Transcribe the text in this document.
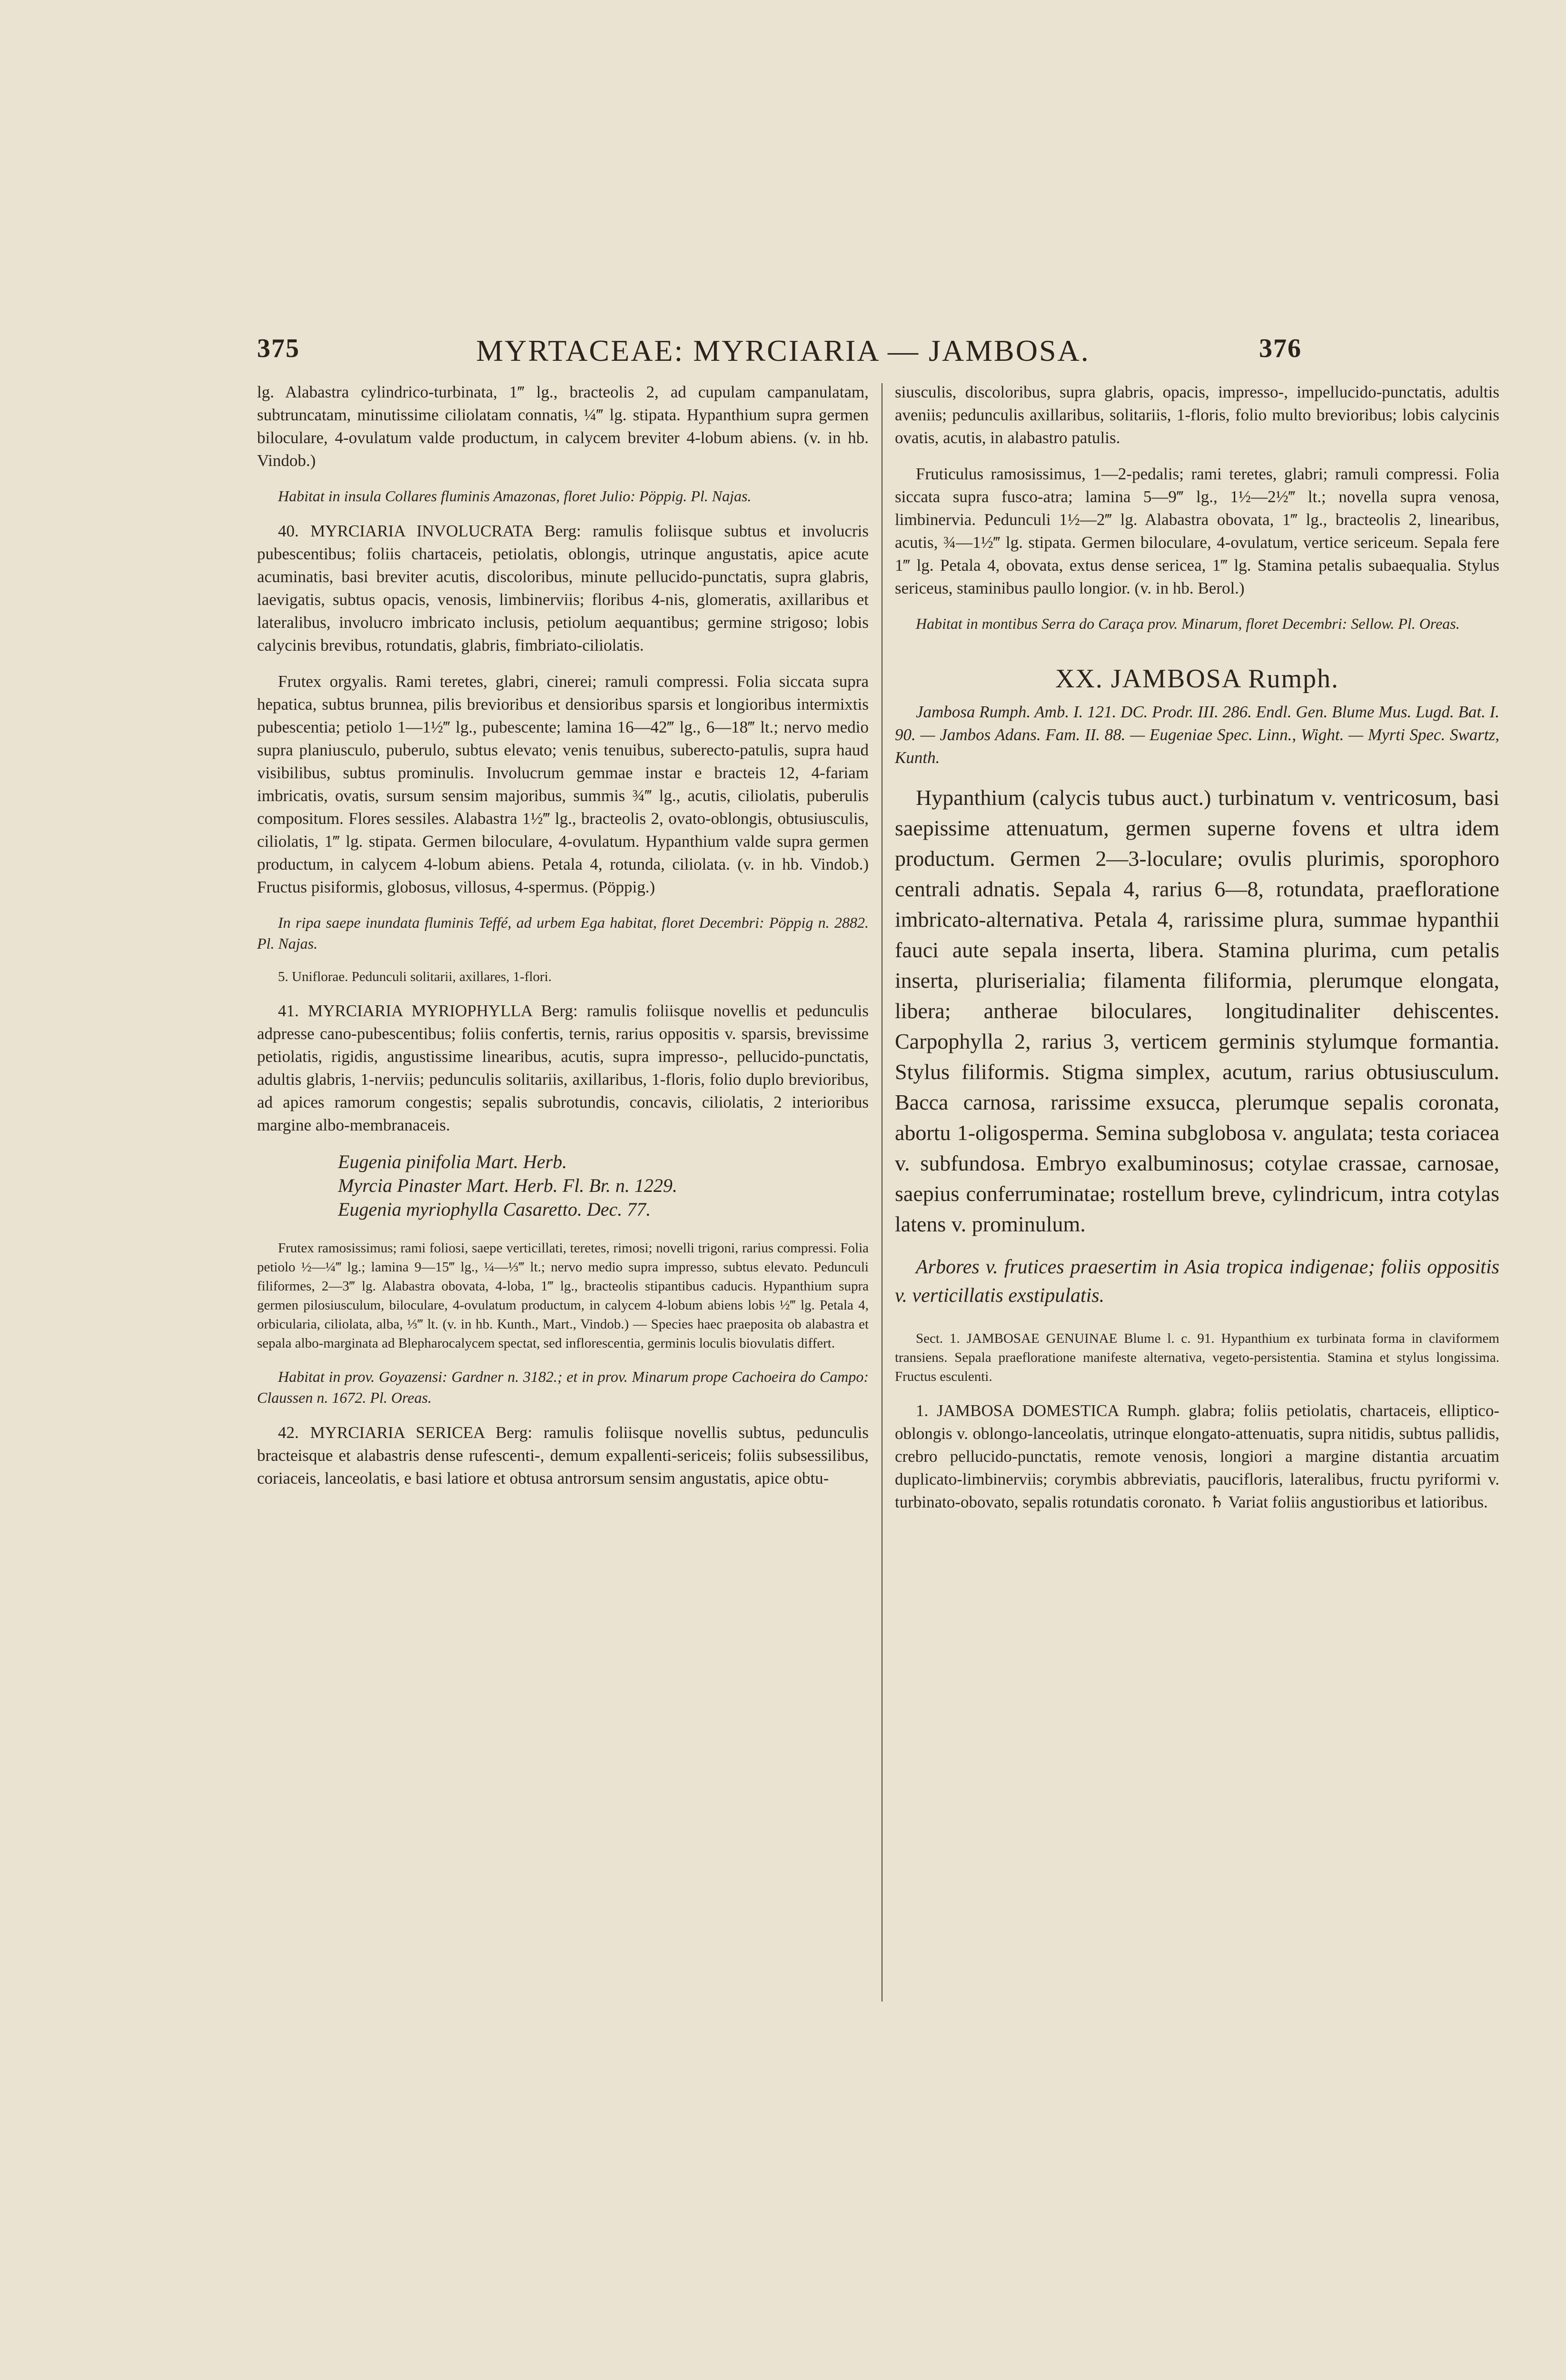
375	MYRTACEAE: MYRCIARIA — JAMBOSA.	376

lg. Alabastra cylindrico-turbinata, 1‴ lg., bracteolis 2, ad cupulam campanulatam, subtruncatam, minutissime ciliolatam connatis, ¼‴ lg. stipata. Hypanthium supra germen biloculare, 4-ovulatum valde productum, in calycem breviter 4-lobum abiens. (v. in hb. Vindob.)

Habitat in insula Collares fluminis Amazonas, floret Julio: Pöppig. Pl. Najas.

40. MYRCIARIA INVOLUCRATA Berg: ramulis foliisque subtus et involucris pubescentibus; foliis chartaceis, petiolatis, oblongis, utrinque angustatis, apice acute acuminatis, basi breviter acutis, discoloribus, minute pellucido-punctatis, supra glabris, laevigatis, subtus opacis, venosis, limbinerviis; floribus 4-nis, glomeratis, axillaribus et lateralibus, involucro imbricato inclusis, petiolum aequantibus; germine strigoso; lobis calycinis brevibus, rotundatis, glabris, fimbriato-ciliolatis.

Frutex orgyalis. Rami teretes, glabri, cinerei; ramuli compressi. Folia siccata supra hepatica, subtus brunnea, pilis brevioribus et densioribus sparsis et longioribus intermixtis pubescentia; petiolo 1—1½‴ lg., pubescente; lamina 16—42‴ lg., 6—18‴ lt.; nervo medio supra planiusculo, puberulo, subtus elevato; venis tenuibus, suberecto-patulis, supra haud visibilibus, subtus prominulis. Involucrum gemmae instar e bracteis 12, 4-fariam imbricatis, ovatis, sursum sensim majoribus, summis ¾‴ lg., acutis, ciliolatis, puberulis compositum. Flores sessiles. Alabastra 1½‴ lg., bracteolis 2, ovato-oblongis, obtusiusculis, ciliolatis, 1‴ lg. stipata. Germen biloculare, 4-ovulatum. Hypanthium valde supra germen productum, in calycem 4-lobum abiens. Petala 4, rotunda, ciliolata. (v. in hb. Vindob.) Fructus pisiformis, globosus, villosus, 4-spermus. (Pöppig.)

In ripa saepe inundata fluminis Teffé, ad urbem Ega habitat, floret Decembri: Pöppig n. 2882. Pl. Najas.

5. Uniflorae. Pedunculi solitarii, axillares, 1-flori.

41. MYRCIARIA MYRIOPHYLLA Berg: ramulis foliisque novellis et pedunculis adpresse cano-pubescentibus; foliis confertis, ternis, rarius oppositis v. sparsis, brevissime petiolatis, rigidis, angustissime linearibus, acutis, supra impresso-, pellucido-punctatis, adultis glabris, 1-nerviis; pedunculis solitariis, axillaribus, 1-floris, folio duplo brevioribus, ad apices ramorum congestis; sepalis subrotundis, concavis, ciliolatis, 2 interioribus margine albo-membranaceis.

Eugenia pinifolia Mart. Herb.
Myrcia Pinaster Mart. Herb. Fl. Br. n. 1229.
Eugenia myriophylla Casaretto. Dec. 77.

Frutex ramosissimus; rami foliosi, saepe verticillati, teretes, rimosi; novelli trigoni, rarius compressi. Folia petiolo ½—¼‴ lg.; lamina 9—15‴ lg., ¼—⅓‴ lt.; nervo medio supra impresso, subtus elevato. Pedunculi filiformes, 2—3‴ lg. Alabastra obovata, 4-loba, 1‴ lg., bracteolis stipantibus caducis. Hypanthium supra germen pilosiusculum, biloculare, 4-ovulatum productum, in calycem 4-lobum abiens lobis ½‴ lg. Petala 4, orbicularia, ciliolata, alba, ⅓‴ lt. (v. in hb. Kunth., Mart., Vindob.) — Species haec praeposita ob alabastra et sepala albo-marginata ad Blepharocalycem spectat, sed inflorescentia, germinis loculis biovulatis differt.

Habitat in prov. Goyazensi: Gardner n. 3182.; et in prov. Minarum prope Cachoeira do Campo: Claussen n. 1672. Pl. Oreas.

42. MYRCIARIA SERICEA Berg: ramulis foliisque novellis subtus, pedunculis bracteisque et alabastris dense rufescenti-, demum expallenti-sericeis; foliis subsessilibus, coriaceis, lanceolatis, e basi latiore et obtusa antrorsum sensim angustatis, apice obtu-

siusculis, discoloribus, supra glabris, opacis, impresso-, impellucido-punctatis, adultis aveniis; pedunculis axillaribus, solitariis, 1-floris, folio multo brevioribus; lobis calycinis ovatis, acutis, in alabastro patulis.

Fruticulus ramosissimus, 1—2-pedalis; rami teretes, glabri; ramuli compressi. Folia siccata supra fusco-atra; lamina 5—9‴ lg., 1½—2½‴ lt.; novella supra venosa, limbinervia. Pedunculi 1½—2‴ lg. Alabastra obovata, 1‴ lg., bracteolis 2, linearibus, acutis, ¾—1½‴ lg. stipata. Germen biloculare, 4-ovulatum, vertice sericeum. Sepala fere 1‴ lg. Petala 4, obovata, extus dense sericea, 1‴ lg. Stamina petalis subaequalia. Stylus sericeus, staminibus paullo longior. (v. in hb. Berol.)

Habitat in montibus Serra do Caraça prov. Minarum, floret Decembri: Sellow. Pl. Oreas.

XX. JAMBOSA Rumph.

Jambosa Rumph. Amb. I. 121. DC. Prodr. III. 286. Endl. Gen. Blume Mus. Lugd. Bat. I. 90. — Jambos Adans. Fam. II. 88. — Eugeniae Spec. Linn., Wight. — Myrti Spec. Swartz, Kunth.

Hypanthium (calycis tubus auct.) turbinatum v. ventricosum, basi saepissime attenuatum, germen superne fovens et ultra idem productum. Germen 2—3-loculare; ovulis plurimis, sporophoro centrali adnatis. Sepala 4, rarius 6—8, rotundata, praefloratione imbricato-alternativa. Petala 4, rarissime plura, summae hypanthii fauci aute sepala inserta, libera. Stamina plurima, cum petalis inserta, pluriserialia; filamenta filiformia, plerumque elongata, libera; antherae biloculares, longitudinaliter dehiscentes. Carpophylla 2, rarius 3, verticem germinis stylumque formantia. Stylus filiformis. Stigma simplex, acutum, rarius obtusiusculum. Bacca carnosa, rarissime exsucca, plerumque sepalis coronata, abortu 1-oligosperma. Semina subglobosa v. angulata; testa coriacea v. subfundosa. Embryo exalbuminosus; cotylae crassae, carnosae, saepius conferruminatae; rostellum breve, cylindricum, intra cotylas latens v. prominulum.

Arbores v. frutices praesertim in Asia tropica indigenae; foliis oppositis v. verticillatis exstipulatis.

Sect. 1. JAMBOSAE GENUINAE Blume l. c. 91. Hypanthium ex turbinata forma in claviformem transiens. Sepala praefloratione manifeste alternativa, vegeto-persistentia. Stamina et stylus longissima. Fructus esculenti.

1. JAMBOSA DOMESTICA Rumph. glabra; foliis petiolatis, chartaceis, elliptico-oblongis v. oblongo-lanceolatis, utrinque elongato-attenuatis, supra nitidis, subtus pallidis, crebro pellucido-punctatis, remote venosis, longiori a margine distantia arcuatim duplicato-limbinerviis; corymbis abbreviatis, paucifloris, lateralibus, fructu pyriformi v. turbinato-obovato, sepalis rotundatis coronato. ♄ Variat foliis angustioribus et latioribus.
